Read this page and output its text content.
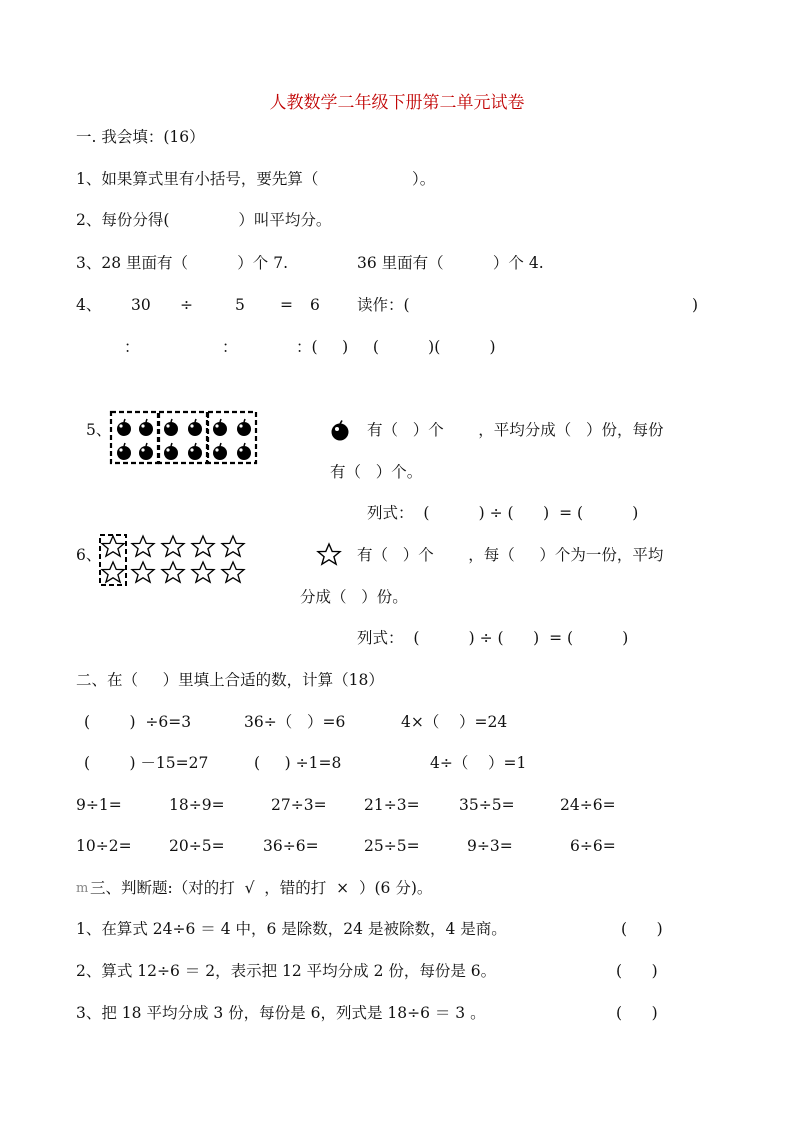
人教数学二年级下册第二单元试卷
一. 我会填：(16）
1、如果算式里有小括号，要先算（                   ）。
2、每份分得(              ）叫平均分。
3、28 里面有（          ）个 7.	36 里面有（          ）个 4.
4、 30 ÷	5 = 6 读作：(	)
：	：	：(     )     (          )(          )
5、	有（   ）个       ，平均分成（   ）份，每份
有（   ）个。
列式：  (          ) ÷ (      )  = (          )
6、	有（   ）个       ，每（     ）个为一份，平均
分成（   ）份。
列式：  (          ) ÷ (      )  = (          )
二、在（     ）里填上合适的数，计算（18）
(        )  ÷6=3	36÷（   ）=6	4×（    ）=24
(        ) －15=27	(     ) ÷1=8	4÷（    ）=1
9÷1=	18÷9=	27÷3= 21÷3=	35÷5=	24÷6=
10÷2= 20÷5= 36÷6=	25÷5=	9÷3=	6÷6=
m 三、判断题:（对的打  √  ，错的打  ×  ）(6 分)。
1、在算式 24÷6 ＝ 4 中，6 是除数，24 是被除数，4 是商。	(      )
2、算式 12÷6 ＝ 2，表示把 12 平均分成 2 份，每份是 6。	(      )
3、把 18 平均分成 3 份，每份是 6，列式是 18÷6 ＝ 3 。	(      )
